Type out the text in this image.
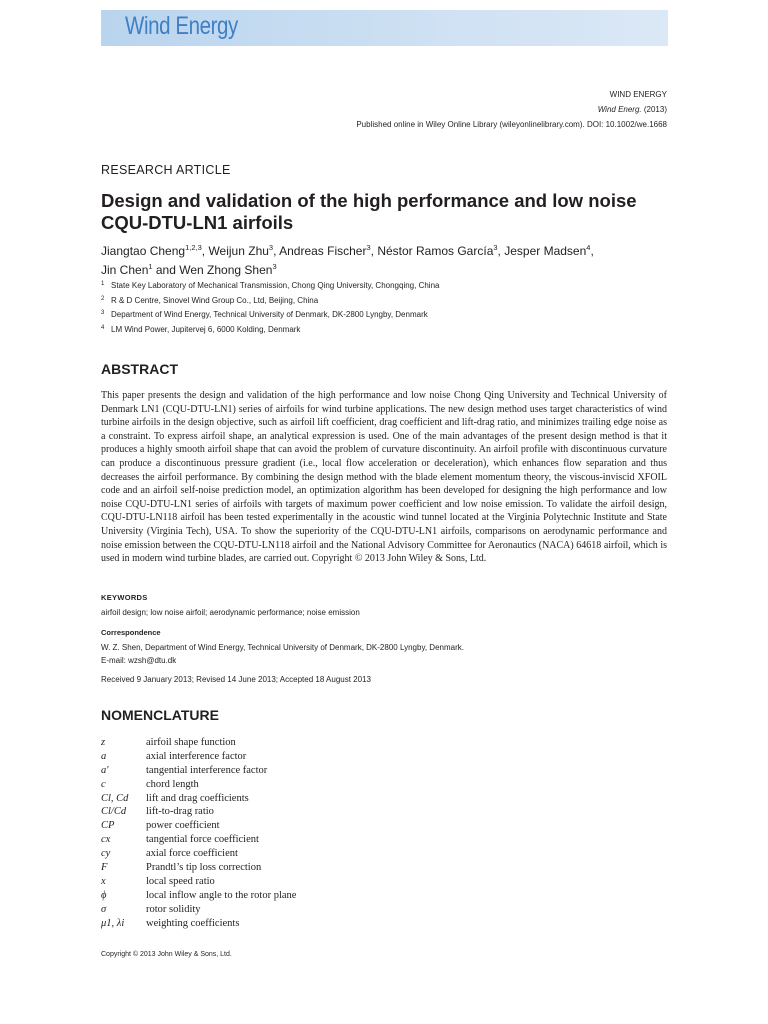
Wind Energy
WIND ENERGY
Wind Energ. (2013)
Published online in Wiley Online Library (wileyonlinelibrary.com). DOI: 10.1002/we.1668
RESEARCH ARTICLE
Design and validation of the high performance and low noise CQU-DTU-LN1 airfoils
Jiangtao Cheng$^{1,2,3}$, Weijun Zhu$^3$, Andreas Fischer$^3$, Néstor Ramos García$^3$, Jesper Madsen$^4$,
Jin Chen$^1$ and Wen Zhong Shen$^3$
1 State Key Laboratory of Mechanical Transmission, Chong Qing University, Chongqing, China
2 R & D Centre, Sinovel Wind Group Co., Ltd, Beijing, China
3 Department of Wind Energy, Technical University of Denmark, DK-2800 Lyngby, Denmark
4 LM Wind Power, Jupitervej 6, 6000 Kolding, Denmark
ABSTRACT
This paper presents the design and validation of the high performance and low noise Chong Qing University and Technical University of Denmark LN1 (CQU-DTU-LN1) series of airfoils for wind turbine applications. The new design method uses target characteristics of wind turbine airfoils in the design objective, such as airfoil lift coefficient, drag coefficient and lift-drag ratio, and minimizes trailing edge noise as a constraint. To express airfoil shape, an analytical expression is used. One of the main advantages of the present design method is that it produces a highly smooth airfoil shape that can avoid the problem of curvature discontinuity. An airfoil profile with discontinuous curvature can produce a discontinuous pressure gradient (i.e., local flow acceleration or deceleration), which enhances flow separation and thus decreases the airfoil performance. By combining the design method with the blade element momentum theory, the viscous-inviscid XFOIL code and an airfoil self-noise prediction model, an optimization algorithm has been developed for designing the high performance and low noise CQU-DTU-LN1 series of airfoils with targets of maximum power coefficient and low noise emission. To validate the airfoil design, CQU-DTU-LN118 airfoil has been tested experimentally in the acoustic wind tunnel located at the Virginia Polytechnic Institute and State University (Virginia Tech), USA. To show the superiority of the CQU-DTU-LN1 airfoils, comparisons on aerodynamic performance and noise emission between the CQU-DTU-LN118 airfoil and the National Advisory Committee for Aeronautics (NACA) 64618 airfoil, which is used in modern wind turbine blades, are carried out. Copyright © 2013 John Wiley & Sons, Ltd.
KEYWORDS
airfoil design; low noise airfoil; aerodynamic performance; noise emission
Correspondence
W. Z. Shen, Department of Wind Energy, Technical University of Denmark, DK-2800 Lyngby, Denmark.
E-mail: wzsh@dtu.dk
Received 9 January 2013; Revised 14 June 2013; Accepted 18 August 2013
NOMENCLATURE
z	airfoil shape function
a	axial interference factor
a′	tangential interference factor
c	chord length
Cl, Cd	lift and drag coefficients
Cl/Cd	lift-to-drag ratio
CP	power coefficient
cx	tangential force coefficient
cy	axial force coefficient
F	Prandtl’s tip loss correction
x	local speed ratio
ϕ	local inflow angle to the rotor plane
σ	rotor solidity
μ1, λi	weighting coefficients
Copyright © 2013 John Wiley & Sons, Ltd.
